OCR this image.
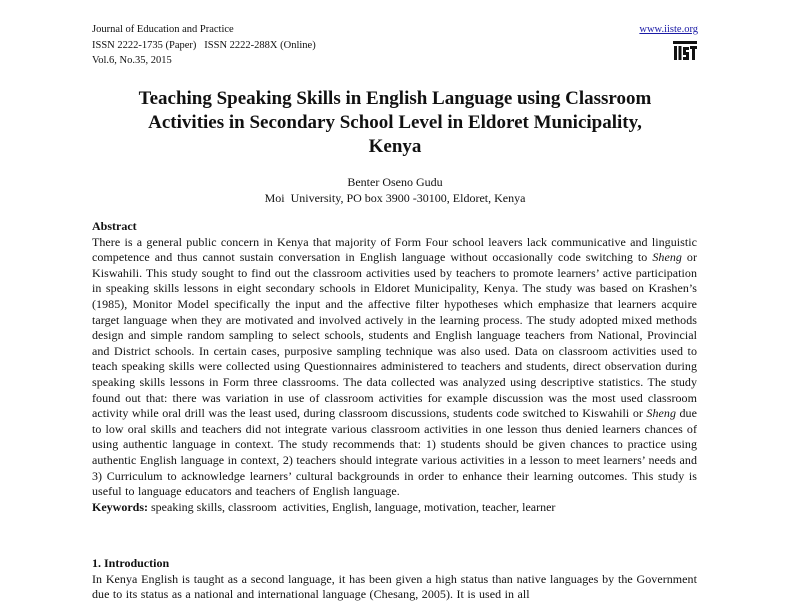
Journal of Education and Practice
ISSN 2222-1735 (Paper)   ISSN 2222-288X (Online)
Vol.6, No.35, 2015
www.iiste.org
Teaching Speaking Skills in English Language using Classroom
Activities in Secondary School Level in Eldoret Municipality,
Kenya
Benter Oseno Gudu
Moi  University, PO box 3900 -30100, Eldoret, Kenya
Abstract
There is a general public concern in Kenya that majority of Form Four school leavers lack communicative and linguistic competence and thus cannot sustain conversation in English language without occasionally code switching to Sheng or Kiswahili. This study sought to find out the classroom activities used by teachers to promote learners’ active participation in speaking skills lessons in eight secondary schools in Eldoret Municipality, Kenya. The study was based on Krashen’s (1985), Monitor Model specifically the input and the affective filter hypotheses which emphasize that learners acquire target language when they are motivated and involved actively in the learning process. The study adopted mixed methods design and simple random sampling to select schools, students and English language teachers from National, Provincial and District schools. In certain cases, purposive sampling technique was also used. Data on classroom activities used to teach speaking skills were collected using Questionnaires administered to teachers and students, direct observation during speaking skills lessons in Form three classrooms. The data collected was analyzed using descriptive statistics. The study found out that: there was variation in use of classroom activities for example discussion was the most used classroom activity while oral drill was the least used, during classroom discussions, students code switched to Kiswahili or Sheng due to low oral skills and teachers did not integrate various classroom activities in one lesson thus denied learners chances of using authentic language in context. The study recommends that: 1) students should be given chances to practice using authentic English language in context, 2) teachers should integrate various activities in a lesson to meet learners’ needs and 3) Curriculum to acknowledge learners’ cultural backgrounds in order to enhance their learning outcomes. This study is useful to language educators and teachers of English language.
Keywords: speaking skills, classroom  activities, English, language, motivation, teacher, learner
1. Introduction
In Kenya English is taught as a second language, it has been given a high status than native languages by the Government due to its status as a national and international language (Chesang, 2005). It is used in all
